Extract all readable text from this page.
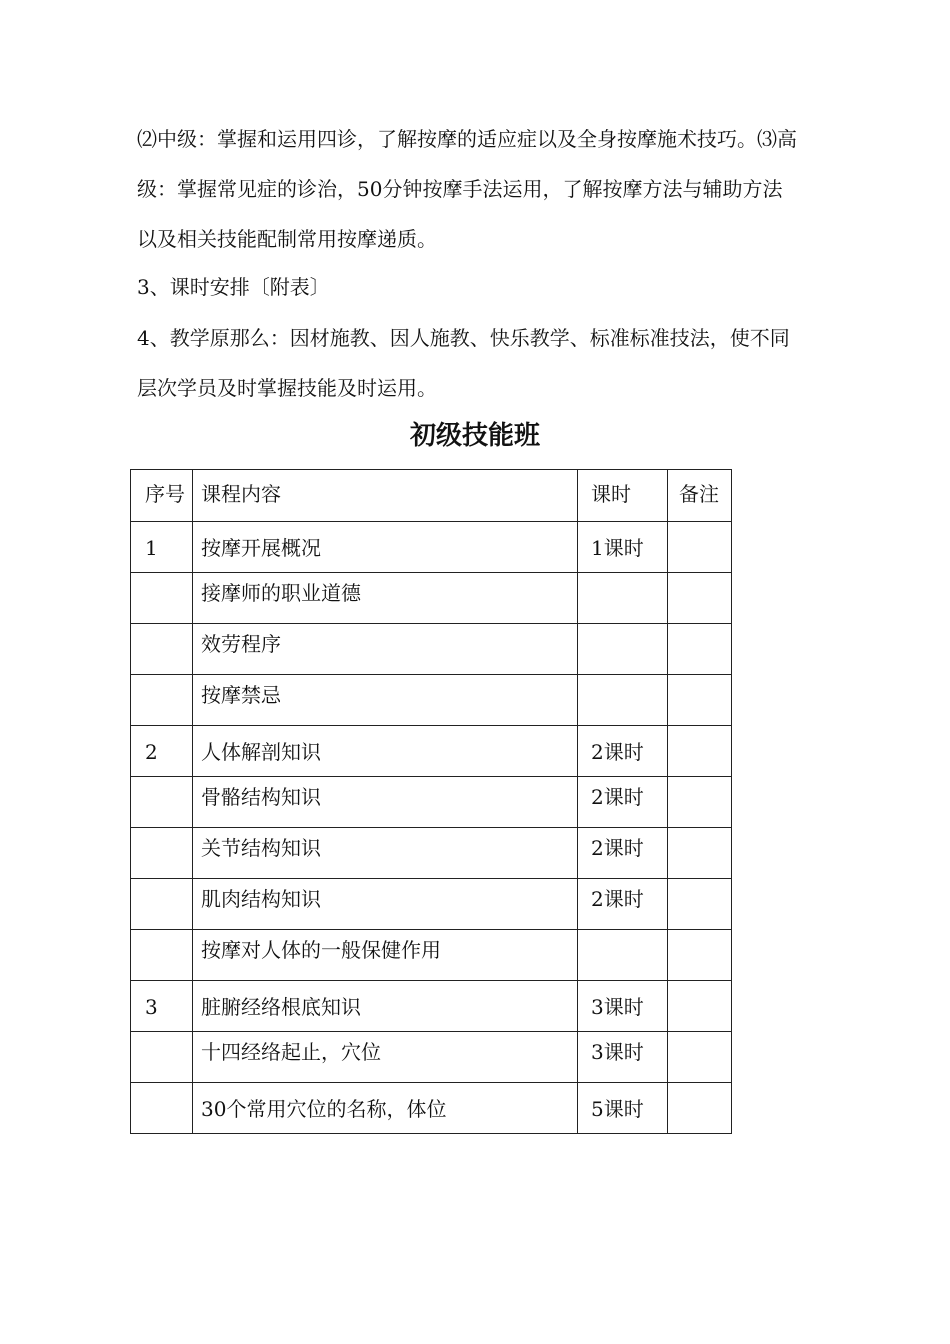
⑵中级：掌握和运用四诊，了解按摩的适应症以及全身按摩施术技巧。⑶高级：掌握常见症的诊治，50分钟按摩手法运用，了解按摩方法与辅助方法以及相关技能配制常用按摩递质。

3、课时安排〔附表〕

4、教学原那么：因材施教、因人施教、快乐教学、标准标准技法，使不同层次学员及时掌握技能及时运用。

初级技能班
序号	课程内容	课时	备注
1	按摩开展概况	1课时	
	接摩师的职业道德		
	效劳程序		
	按摩禁忌		
2	人体解剖知识	2课时	
	骨骼结构知识	2课时	
	关节结构知识	2课时	
	肌肉结构知识	2课时	
	按摩对人体的一般保健作用		
3	脏腑经络根底知识	3课时	
	十四经络起止，穴位	3课时	
	30个常用穴位的名称，体位	5课时	
